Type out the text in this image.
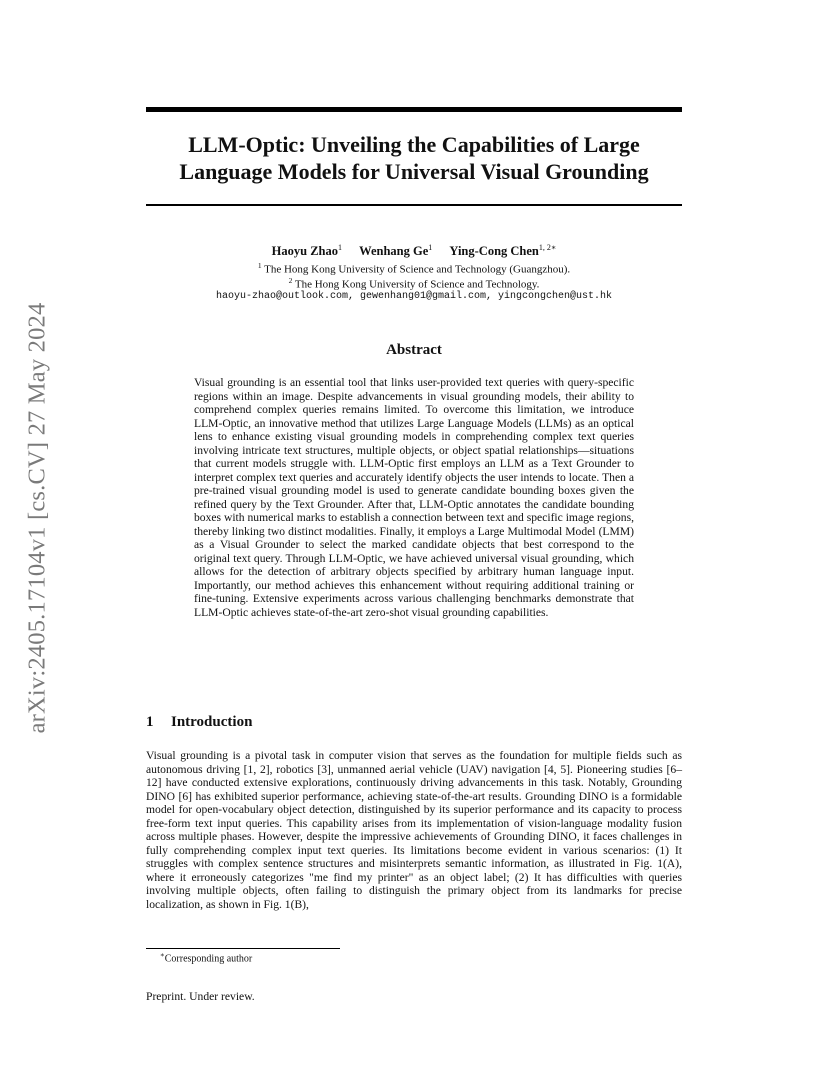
arXiv:2405.17104v1 [cs.CV] 27 May 2024
LLM-Optic: Unveiling the Capabilities of Large Language Models for Universal Visual Grounding
Haoyu Zhao$^1$ Wenhang Ge$^1$ Ying-Cong Chen$^{1, 2∗}$
$^1$ The Hong Kong University of Science and Technology (Guangzhou).
$^2$ The Hong Kong University of Science and Technology.
haoyu-zhao@outlook.com, gewenhang01@gmail.com, yingcongchen@ust.hk
Abstract
Visual grounding is an essential tool that links user-provided text queries with query-specific regions within an image. Despite advancements in visual grounding models, their ability to comprehend complex queries remains limited. To overcome this limitation, we introduce LLM-Optic, an innovative method that utilizes Large Language Models (LLMs) as an optical lens to enhance existing visual grounding models in comprehending complex text queries involving intricate text structures, multiple objects, or object spatial relationships—situations that current models struggle with. LLM-Optic first employs an LLM as a Text Grounder to interpret complex text queries and accurately identify objects the user intends to locate. Then a pre-trained visual grounding model is used to generate candidate bounding boxes given the refined query by the Text Grounder. After that, LLM-Optic annotates the candidate bounding boxes with numerical marks to establish a connection between text and specific image regions, thereby linking two distinct modalities. Finally, it employs a Large Multimodal Model (LMM) as a Visual Grounder to select the marked candidate objects that best correspond to the original text query. Through LLM-Optic, we have achieved universal visual grounding, which allows for the detection of arbitrary objects specified by arbitrary human language input. Importantly, our method achieves this enhancement without requiring additional training or fine-tuning. Extensive experiments across various challenging benchmarks demonstrate that LLM-Optic achieves state-of-the-art zero-shot visual grounding capabilities.
1 Introduction
Visual grounding is a pivotal task in computer vision that serves as the foundation for multiple fields such as autonomous driving [1, 2], robotics [3], unmanned aerial vehicle (UAV) navigation [4, 5]. Pioneering studies [6–12] have conducted extensive explorations, continuously driving advancements in this task. Notably, Grounding DINO [6] has exhibited superior performance, achieving state-of-the-art results. Grounding DINO is a formidable model for open-vocabulary object detection, distinguished by its superior performance and its capacity to process free-form text input queries. This capability arises from its implementation of vision-language modality fusion across multiple phases. However, despite the impressive achievements of Grounding DINO, it faces challenges in fully comprehending complex input text queries. Its limitations become evident in various scenarios: (1) It struggles with complex sentence structures and misinterprets semantic information, as illustrated in Fig. 1(A), where it erroneously categorizes "me find my printer" as an object label; (2) It has difficulties with queries involving multiple objects, often failing to distinguish the primary object from its landmarks for precise localization, as shown in Fig. 1(B),
∗Corresponding author
Preprint. Under review.
